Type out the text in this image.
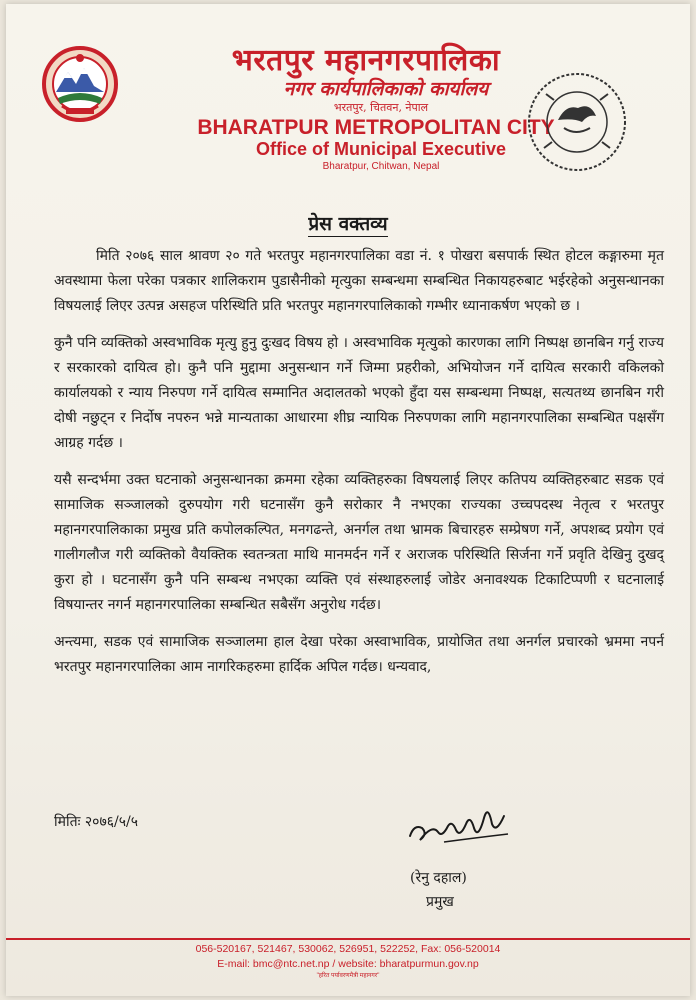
भरतपुर महानगरपालिका
नगर कार्यपालिकाको कार्यालय
भरतपुर, चितवन, नेपाल
BHARATPUR METROPOLITAN CITY
Office of Municipal Executive
Bharatpur, Chitwan, Nepal
प्रेस वक्तव्य

मिति २०७६ साल श्रावण २० गते भरतपुर महानगरपालिका वडा नं. १ पोखरा बसपार्क स्थित होटल कङ्गारुमा मृत अवस्थामा फेला परेका पत्रकार शालिकराम पुडासैनीको मृत्युका सम्बन्धमा सम्बन्धित निकायहरुबाट भईरहेको अनुसन्धानका विषयलाई लिएर उत्पन्न असहज परिस्थिति प्रति भरतपुर महानगरपालिकाको गम्भीर ध्यानाकर्षण भएको छ ।

कुनै पनि व्यक्तिको अस्वभाविक मृत्यु हुनु दुःखद विषय हो । अस्वभाविक मृत्युको कारणका लागि निष्पक्ष छानबिन गर्नु राज्य र सरकारको दायित्व हो। कुनै पनि मुद्दामा अनुसन्धान गर्ने जिम्मा प्रहरीको, अभियोजन गर्ने दायित्व सरकारी वकिलको कार्यालयको र न्याय निरुपण गर्ने दायित्व सम्मानित अदालतको भएको हुँदा यस सम्बन्धमा निष्पक्ष, सत्यतथ्य छानबिन गरी दोषी नछुट्न र निर्दोष नपरुन भन्ने मान्यताका आधारमा शीघ्र न्यायिक निरुपणका लागि महानगरपालिका सम्बन्धित पक्षसँग आग्रह गर्दछ ।

यसै सन्दर्भमा उक्त घटनाको अनुसन्धानका क्रममा रहेका व्यक्तिहरुका विषयलाई लिएर कतिपय व्यक्तिहरुबाट सडक एवं सामाजिक सञ्जालको दुरुपयोग गरी घटनासँग कुनै सरोकार नै नभएका राज्यका उच्चपदस्थ नेतृत्व र भरतपुर महानगरपालिकाका प्रमुख प्रति कपोलकल्पित, मनगढन्ते, अनर्गल तथा भ्रामक बिचारहरु सम्प्रेषण गर्ने, अपशब्द प्रयोग एवं गालीगलौज गरी व्यक्तिको वैयक्तिक स्वतन्त्रता माथि मानमर्दन गर्ने र अराजक परिस्थिति सिर्जना गर्ने प्रवृति देखिनु दुखद् कुरा हो । घटनासँग कुनै पनि सम्बन्ध नभएका व्यक्ति एवं संस्थाहरुलाई जोडेर अनावश्यक टिकाटिप्पणी र घटनालाई विषयान्तर नगर्न महानगरपालिका सम्बन्धित सबैसँग अनुरोध गर्दछ।

अन्त्यमा, सडक एवं सामाजिक सञ्जालमा हाल देखा परेका अस्वाभाविक, प्रायोजित तथा अनर्गल प्रचारको भ्रममा नपर्न भरतपुर महानगरपालिका आम नागरिकहरुमा हार्दिक अपिल गर्दछ। धन्यवाद,

मितिः २०७६/५/५
(रेनु दहाल)
प्रमुख
056-520167, 521467, 530062, 526951, 522252, Fax: 056-520014
E-mail: bmc@ntc.net.np / website: bharatpurmun.gov.np
"हरित पर्यावरणमैत्री महानगर"
